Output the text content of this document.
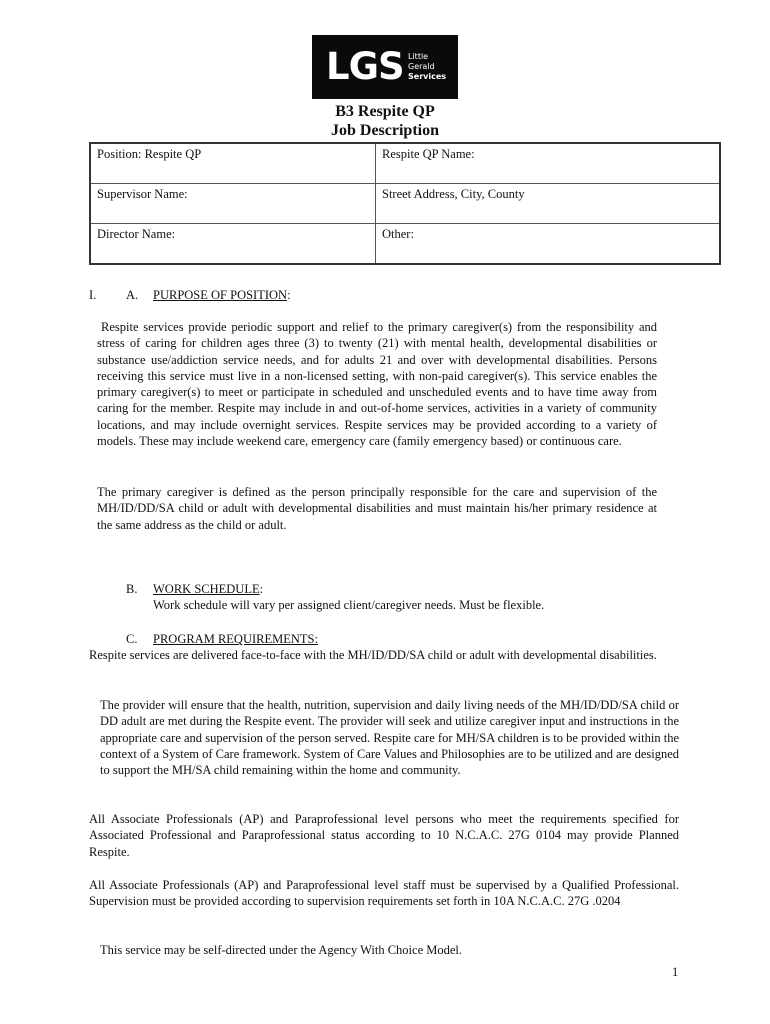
LGS Little
Gerald
Services
B3 Respite QP
Job Description
Position: Respite QP	Respite QP Name:
Supervisor Name:	Street Address, City, County
Director Name:	Other:
I. A. PURPOSE OF POSITION:
Respite services provide periodic support and relief to the primary caregiver(s) from the responsibility and stress of caring for children ages three (3) to twenty (21) with mental health, developmental disabilities or substance use/addiction service needs, and for adults 21 and over with developmental disabilities. Persons receiving this service must live in a non-licensed setting, with non-paid caregiver(s). This service enables the primary caregiver(s) to meet or participate in scheduled and unscheduled events and to have time away from caring for the member. Respite may include in and out-of-home services, activities in a variety of community locations, and may include overnight services. Respite services may be provided according to a variety of models. These may include weekend care, emergency care (family emergency based) or continuous care.
The primary caregiver is defined as the person principally responsible for the care and supervision of the MH/ID/DD/SA child or adult with developmental disabilities and must maintain his/her primary residence at the same address as the child or adult.
B. WORK SCHEDULE:
Work schedule will vary per assigned client/caregiver needs. Must be flexible.
C. PROGRAM REQUIREMENTS:
Respite services are delivered face-to-face with the MH/ID/DD/SA child or adult with developmental disabilities.
The provider will ensure that the health, nutrition, supervision and daily living needs of the MH/ID/DD/SA child or DD adult are met during the Respite event. The provider will seek and utilize caregiver input and instructions in the appropriate care and supervision of the person served. Respite care for MH/SA children is to be provided within the context of a System of Care framework. System of Care Values and Philosophies are to be utilized and are designed to support the MH/SA child remaining within the home and community.
All Associate Professionals (AP) and Paraprofessional level persons who meet the requirements specified for Associated Professional and Paraprofessional status according to 10 N.C.A.C. 27G 0104 may provide Planned Respite.
All Associate Professionals (AP) and Paraprofessional level staff must be supervised by a Qualified Professional. Supervision must be provided according to supervision requirements set forth in 10A N.C.A.C. 27G .0204
This service may be self-directed under the Agency With Choice Model.
1
